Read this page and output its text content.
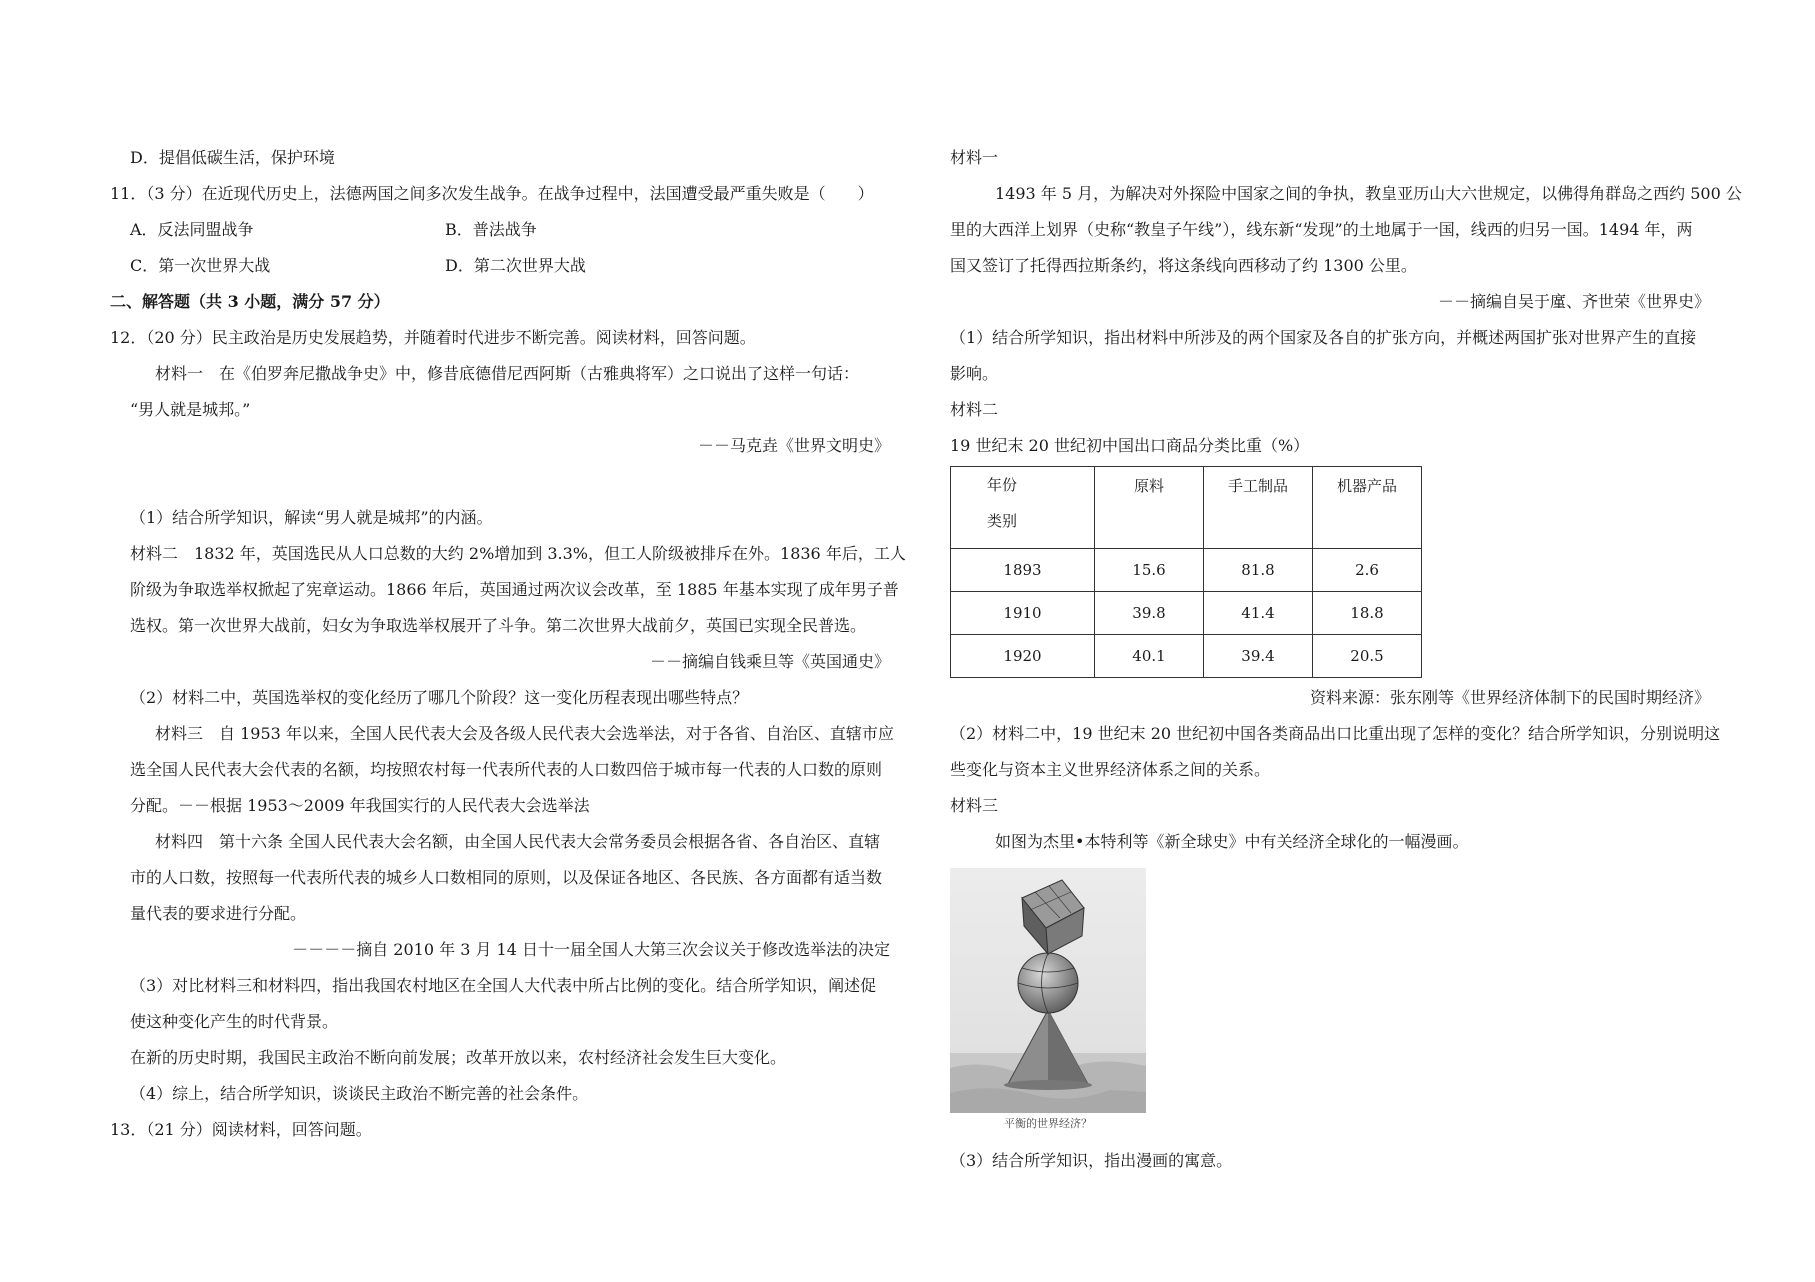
D．提倡低碳生活，保护环境
11．（3 分）在近现代历史上，法德两国之间多次发生战争。在战争过程中，法国遭受最严重失败是（　　）
A．反法同盟战争	B．普法战争
C．第一次世界大战	D．第二次世界大战
二、解答题（共 3 小题，满分 57 分）
12．（20 分）民主政治是历史发展趋势，并随着时代进步不断完善。阅读材料，回答问题。
材料一　在《伯罗奔尼撒战争史》中，修昔底德借尼西阿斯（古雅典将军）之口说出了这样一句话：
“男人就是城邦。”
－－马克垚《世界文明史》
（1）结合所学知识，解读“男人就是城邦”的内涵。
材料二　1832 年，英国选民从人口总数的大约 2%增加到 3.3%，但工人阶级被排斥在外。1836 年后，工人
阶级为争取选举权掀起了宪章运动。1866 年后，英国通过两次议会改革，至 1885 年基本实现了成年男子普
选权。第一次世界大战前，妇女为争取选举权展开了斗争。第二次世界大战前夕，英国已实现全民普选。
－－摘编自钱乘旦等《英国通史》
（2）材料二中，英国选举权的变化经历了哪几个阶段？这一变化历程表现出哪些特点？
材料三　自 1953 年以来，全国人民代表大会及各级人民代表大会选举法，对于各省、自治区、直辖市应
选全国人民代表大会代表的名额，均按照农村每一代表所代表的人口数四倍于城市每一代表的人口数的原则
分配。－－根据 1953～2009 年我国实行的人民代表大会选举法
材料四　第十六条 全国人民代表大会名额，由全国人民代表大会常务委员会根据各省、各自治区、直辖
市的人口数，按照每一代表所代表的城乡人口数相同的原则，以及保证各地区、各民族、各方面都有适当数
量代表的要求进行分配。
－－－－摘自 2010 年 3 月 14 日十一届全国人大第三次会议关于修改选举法的决定
（3）对比材料三和材料四，指出我国农村地区在全国人大代表中所占比例的变化。结合所学知识，阐述促
使这种变化产生的时代背景。
在新的历史时期，我国民主政治不断向前发展；改革开放以来，农村经济社会发生巨大变化。
（4）综上，结合所学知识，谈谈民主政治不断完善的社会条件。
13．（21 分）阅读材料，回答问题。
材料一
1493 年 5 月，为解决对外探险中国家之间的争执，教皇亚历山大六世规定，以佛得角群岛之西约 500 公
里的大西洋上划界（史称“教皇子午线”），线东新“发现”的土地属于一国，线西的归另一国。1494 年，两
国又签订了托得西拉斯条约，将这条线向西移动了约 1300 公里。
－－摘编自吴于廑、齐世荣《世界史》
（1）结合所学知识，指出材料中所涉及的两个国家及各自的扩张方向，并概述两国扩张对世界产生的直接
影响。
材料二
19 世纪末 20 世纪初中国出口商品分类比重（%）
年份
类别	原料	手工制品	机器产品
1893	15.6	81.8	2.6
1910	39.8	41.4	18.8
1920	40.1	39.4	20.5
资料来源：张东刚等《世界经济体制下的民国时期经济》
（2）材料二中，19 世纪末 20 世纪初中国各类商品出口比重出现了怎样的变化？结合所学知识，分别说明这
些变化与资本主义世界经济体系之间的关系。
材料三
如图为杰里•本特利等《新全球史》中有关经济全球化的一幅漫画。
平衡的世界经济？
（3）结合所学知识，指出漫画的寓意。
